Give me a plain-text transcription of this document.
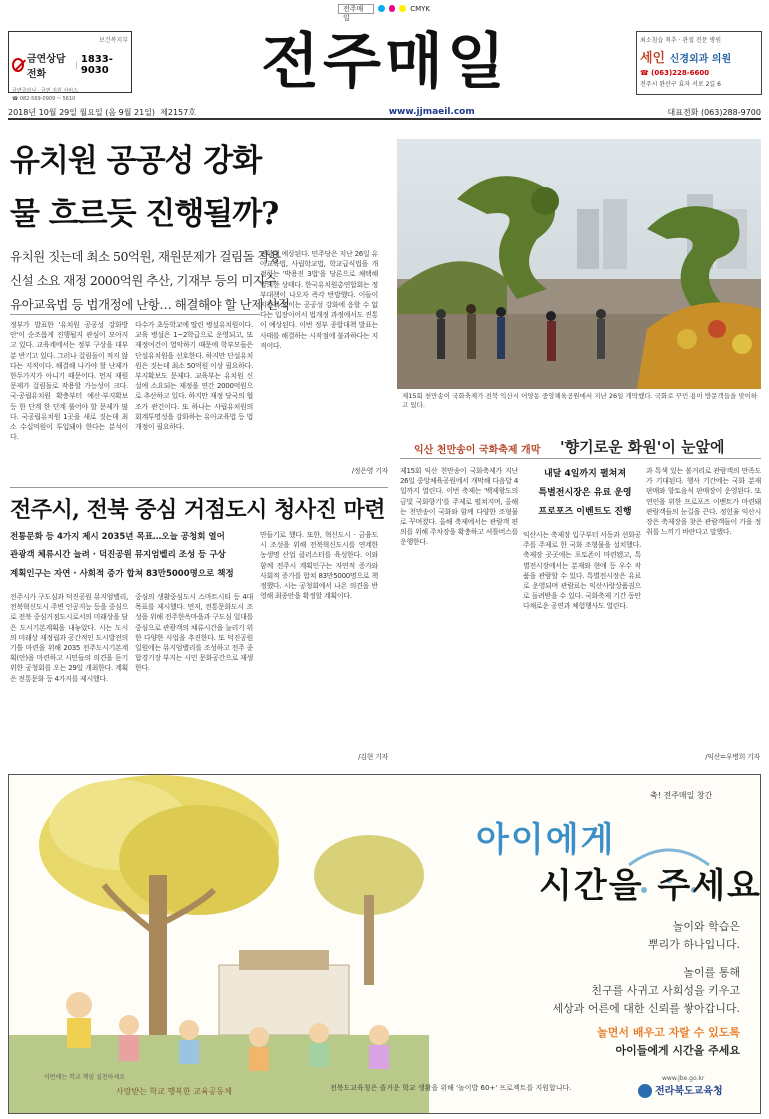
전주매일
CMYK
보건복지부
금연상담전화
| 1833-9030
금연클리닉 · 금연 지원 서비스
☎ 082-569-0909 ~ 5610
전주매일	최소침습 척추 · 관절 전문 병원
세인 신경외과 의원
☎ (063)228-6600
전주시 완산구 효자 서로 2길 6
2018년 10월 29일 월요일 (음 9월 21일) 제2157호	www.jjmaeil.com	대표전화 (063)288-9700
유치원 공공성 강화
물 흐르듯 진행될까?
유치원 짓는데 최소 50억원, 재원문제가 걸림돌 작용
신설 소요 재정 2000억원 추산, 기재부 등의 미지수
유아교육법 등 법개정에 난항… 해결해야 할 난제 산적
정부가 발표한 '유치원 공공성 강화방안'이 순조롭게 진행될지 관심이 모아지고 있다. 교육계에서는 정부 구상을 대부분 반기고 있다. 그러나 걸림돌이 적지 않다는 지적이다. 해결해 나가야 할 난제가 한두가지가 아니기 때문이다. 먼저 재원문제가 걸림돌로 작용할 가능성이 크다. 국·공립유치원 확충부터 예산·부지확보 등 한 단계 한 단계 풀어야 할 문제가 많다. 국공립유치원 1곳을 새로 짓는데 최소 수십억원이 투입돼야 한다는 분석이다.
다수가 초등학교에 딸린 병설유치원이다. 교육 병설은 1~2학급으로 운영되고, 또 재정여건이 열악하기 때문에 학부모들은 단설유치원을 선호한다. 하지만 단설유치원은 짓는데 최소 50억원 이상 필요하다. 부지확보도 문제다. 교육부는 유치원 신설에 소요되는 재정을 연간 2000억원으로 추산하고 있다. 하지만 재정 당국의 협조가 관건이다. 또 하나는 사립유치원의 회계투명성을 강화하는 유아교육법 등 법개정이 필요하다.
난항이 예상된다. 민주당은 지난 26일 유아교육법, 사립학교법, 학교급식법을 개정하는 '박용진 3법'을 당론으로 채택해 발의한 상태다. 한국유치원총연합회는 정부대책이 나오자 즉각 반발했다. 이들이 지원책 없이는 공공성 강화에 응할 수 없다는 입장이어서 법개정 과정에서도 진통이 예상된다. 이번 정부 종합대책 발표는 사태를 해결하는 시작점에 불과하다는 지적이다.
/정은영 기자
제15회 천만송이 국화축제가 전북 익산시 어양동 중앙체육공원에서 지난 26일 개막했다. 국화로 꾸민 용이 방문객들을 맞이하고 있다.
익산 천만송이 국화축제 개막 '향기로운 화원'이 눈앞에
제15회 익산 천만송이 국화축제가 지난 26일 중앙체육공원에서 개막해 다음달 4일까지 열린다. 이번 축제는 '백제왕도의 금빛 국화향기'를 주제로 펼쳐지며, 올해는 천만송이 국화와 함께 다양한 조형물로 꾸며졌다. 올해 축제에서는 관람객 편의를 위해 주차장을 확충하고 셔틀버스를 운행한다.
내달 4일까지 펼쳐져
특별전시장은 유료 운영
프로포즈 이벤트도 진행
익산시는 축제장 입구부터 서동과 선화공주를 주제로 한 국화 조형물을 설치했다. 축제장 곳곳에는 포토존이 마련됐고, 특별전시장에서는 분재와 현애 등 우수 작품을 관람할 수 있다. 특별전시장은 유료로 운영되며 관람료는 익산사랑상품권으로 돌려받을 수 있다. 국화축제 기간 동안 다채로운 공연과 체험행사도 열린다.
과 특색 있는 볼거리로 관람객의 만족도가 기대된다. 행사 기간에는 국화 분재 판매와 향토음식 판매장이 운영된다. 또 연인을 위한 프로포즈 이벤트가 마련돼 관람객들의 눈길을 끈다. 정헌율 익산시장은 축제장을 찾은 관람객들이 가을 정취를 느끼기 바란다고 말했다.
/익산=우병희 기자
전주시, 전북 중심 거점도시 청사진 마련
전통문화 등 4가지 제시 2035년 목표…오늘 공청회 열어
관광객 체류시간 늘려 · 덕진공원 뮤지엄벨리 조성 등 구상
계획인구는 자연 · 사회적 증가 합쳐 83만5000명으로 책정
전주시가 구도심과 덕진공원 뮤지엄밸리, 전북혁신도시 주변 인공지능 등을 중심으로 전북 중심거점도시로서의 미래상을 담은 도시기본계획을 내놓았다. 시는 도시의 미래상 재정립과 공간적인 도시발전의 기틀 마련을 위해 2035 전주도시기본계획(안)을 마련하고 시민들의 의견을 듣기 위한 공청회를 오는 29일 개최한다. 계획은 전통문화 등 4가지를 제시했다.
중심의 생활중심도시 스마트시티 등 4대 목표를 제시했다. 먼저, 전통문화도시 조성을 위해 전주한옥마을과 구도심 일대를 중심으로 관광객의 체류시간을 늘리기 위한 다양한 사업을 추진한다. 또 덕진공원 일원에는 뮤지엄밸리를 조성하고 전주 종합경기장 부지는 시민 문화공간으로 재생한다.
만들기로 했다. 또한, 혁신도시 · 금융도시 조성을 위해 전북혁신도시를 연계한 농생명 산업 클러스터를 육성한다. 이와 함께 전주시 계획인구는 자연적 증가와 사회적 증가를 합쳐 83만5000명으로 책정했다. 시는 공청회에서 나온 의견을 반영해 최종안을 확정할 계획이다.
/김현 기자
축! 전주매일 창간
아이에게
시간을 주세요
놀이와 학습은
뿌리가 하나입니다.
놀이를 통해
친구를 사귀고 사회성을 키우고
세상과 어른에 대한 신뢰를 쌓아갑니다.
놀면서 배우고 자랄 수 있도록
아이들에게 시간을 주세요
이번에는 학교 책임 실천하세요
사랑받는 학교 행복한 교육공동체	전북도교육청은 즐거운 학교 생활을 위해 '놀이밥 60+' 프로젝트를 지원합니다.
www.jbe.go.kr
전라북도교육청
